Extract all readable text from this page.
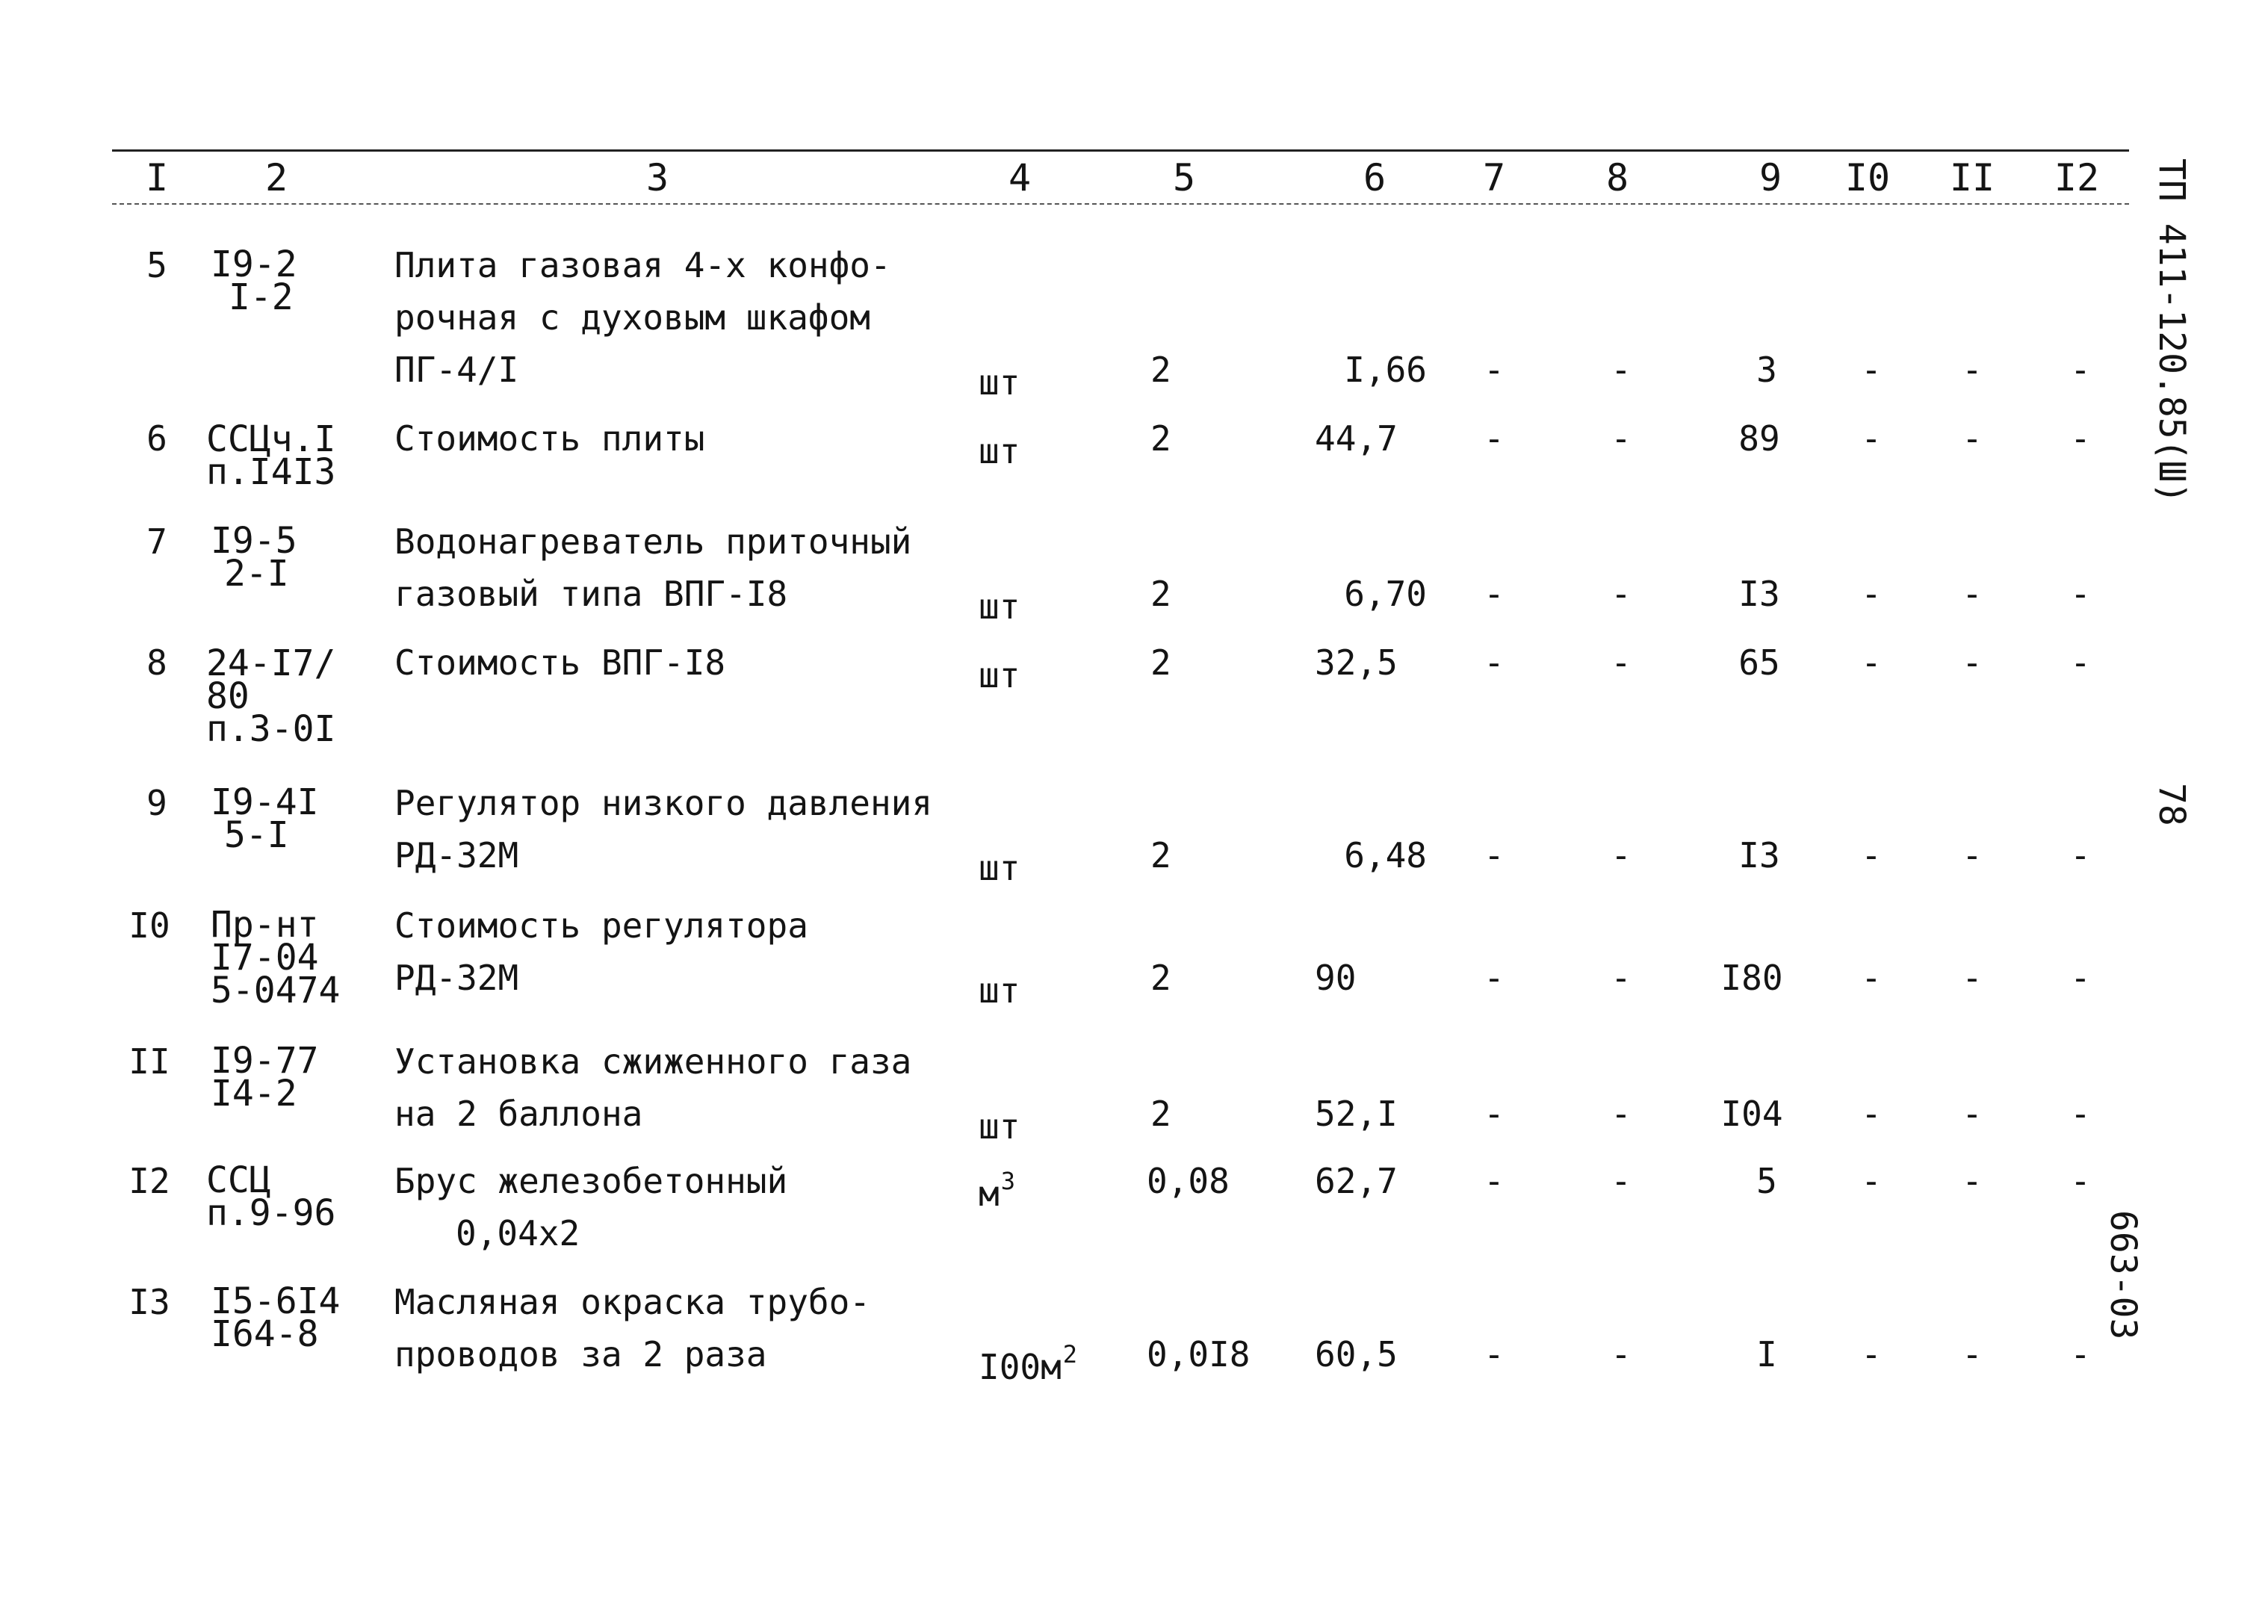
I	2	3	4	5	6	7	8	9	I0	II	I2
5	I9-2
I-2
Плита газовая 4-х конфо-
рочная с духовым шкафом
ПГ-4/I	шт	2	I,66	-	-	3	-	-	-
6	ССЦч.I
п.I4I3
Стоимость плиты	шт	2	44,7	-	-	89	-	-	-
7	I9-5
2-I
Водонагреватель приточный
газовый типа ВПГ-I8	шт	2	6,70	-	-	I3	-	-	-
8	24-I7/
80
п.3-0I
Стоимость ВПГ-I8	шт	2	32,5	-	-	65	-	-	-
9	I9-4I
5-I
Регулятор низкого давления
РД-32М	шт	2	6,48	-	-	I3	-	-	-
I0 Пр-нт
I7-04
5-0474
Стоимость регулятора
РД-32М	шт	2	90	-	-	I80	-	-	-
II I9-77
I4-2
Установка сжиженного газа
на 2 баллона	шт	2	52,I	-	-	I04	-	-	-
I2 ССЦ
п.9-96
Брус железобетонный
0,04х2
$м^3$	0,08 62,7	-	-	5	-	-	-
I3 I5-6I4
I64-8
Масляная окраска трубо-
проводов за 2 раза	$I00м^2$ 0,0I8 60,5	-	-	I	-	-	-
ТП 411-120.85(Ш)
78
663-03
